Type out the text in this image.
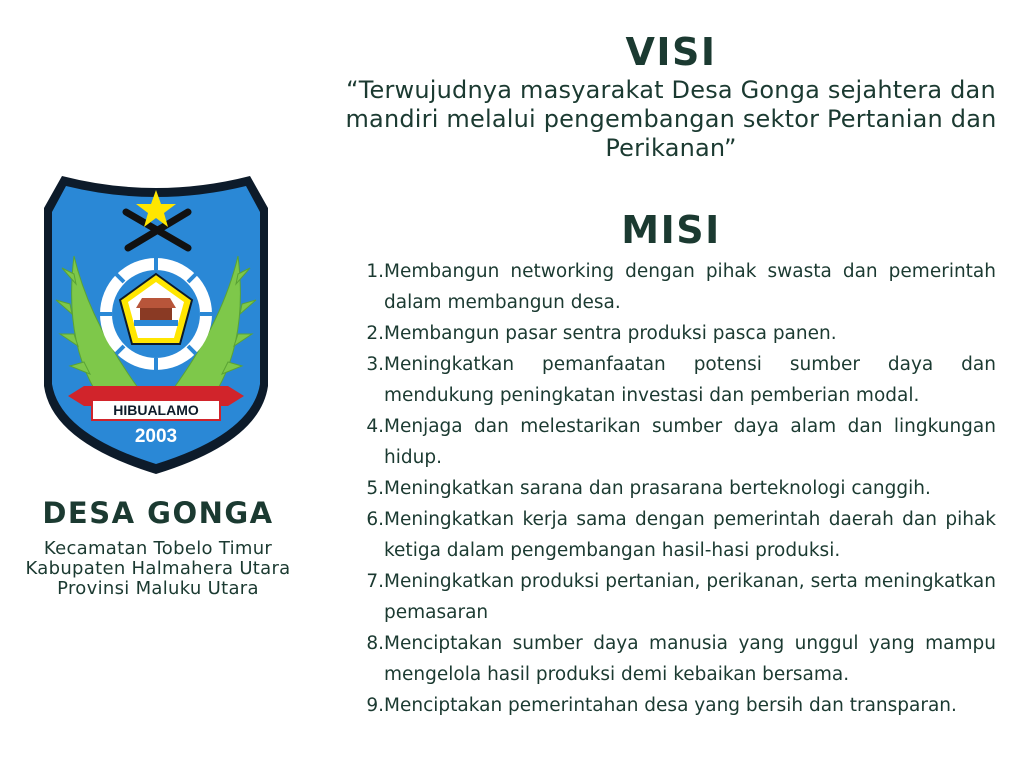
HIBUALAMO
2003
DESA GONGA
Kecamatan Tobelo Timur
Kabupaten Halmahera Utara
Provinsi Maluku Utara
VISI
“Terwujudnya masyarakat Desa Gonga sejahtera dan mandiri melalui pengembangan sektor Pertanian dan Perikanan”
MISI
1. Membangun networking dengan pihak swasta dan pemerintah dalam membangun desa.
2. Membangun pasar sentra produksi pasca panen.
3. Meningkatkan pemanfaatan potensi sumber daya dan mendukung peningkatan investasi dan pemberian modal.
4. Menjaga dan melestarikan sumber daya alam dan lingkungan hidup.
5. Meningkatkan sarana dan prasarana berteknologi canggih.
6. Meningkatkan kerja sama dengan pemerintah daerah dan pihak ketiga dalam pengembangan hasil-hasi produksi.
7. Meningkatkan produksi pertanian, perikanan, serta meningkatkan pemasaran
8. Menciptakan sumber daya manusia yang unggul yang mampu mengelola hasil produksi demi kebaikan bersama.
9. Menciptakan pemerintahan desa yang bersih dan transparan.
